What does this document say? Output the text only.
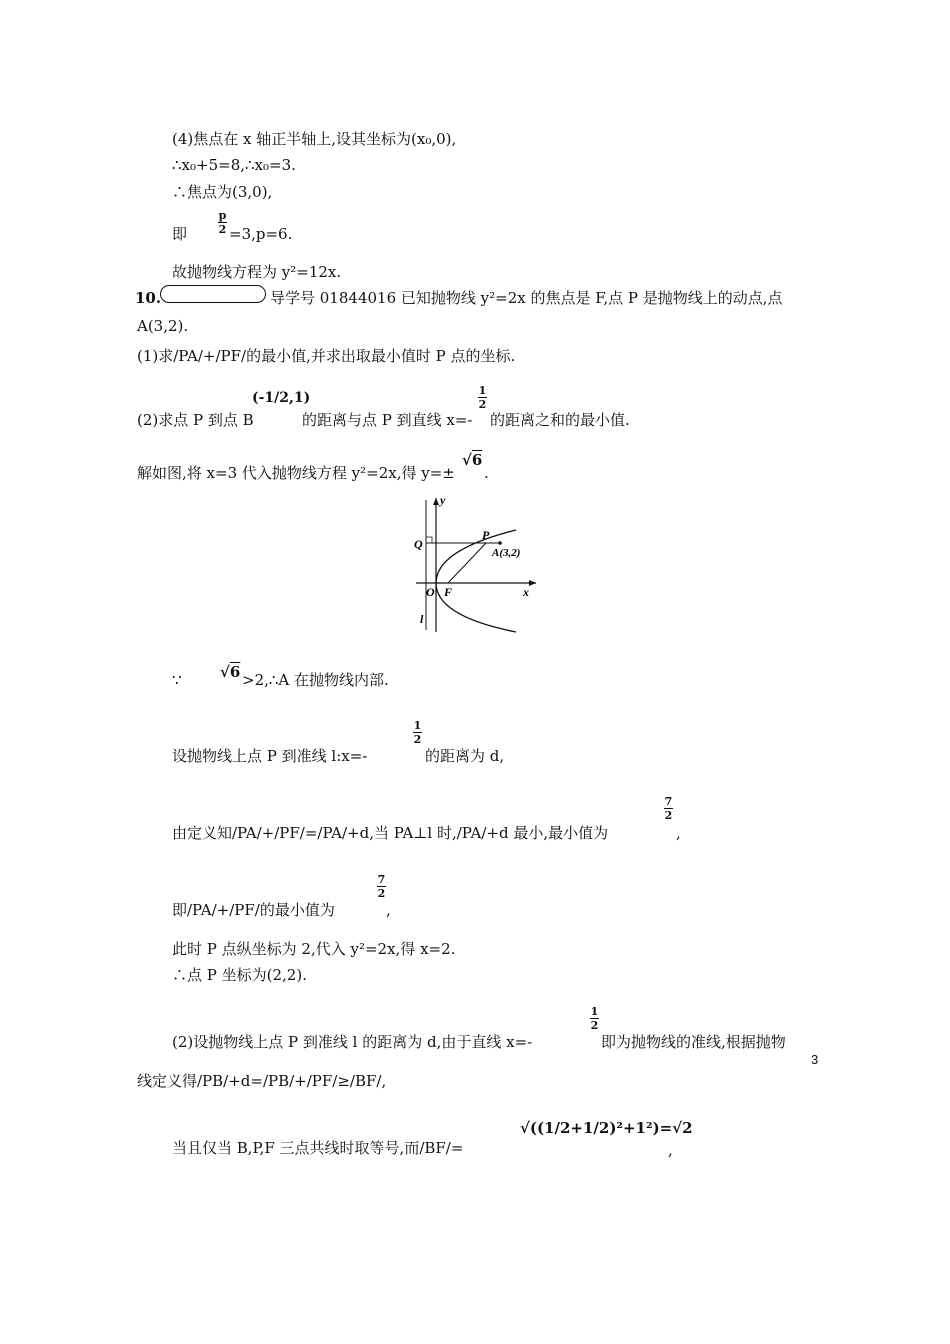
(4)焦点在 x 轴正半轴上,设其坐标为(x₀,0),
∴x₀+5=8,∴x₀=3.
∴焦点为(3,0),
即
p
2 =3,p=6.
故抛物线方程为 y²=12x.
10.	导学号 01844016 已知抛物线 y²=2x 的焦点是 F,点 P 是抛物线上的动点,点
A(3,2).
(1)求/PA/+/PF/的最小值,并求出取最小值时 P 点的坐标.
(2)求点 P 到点 B
(-1/2,1)
的距离与点 P 到直线 x=-
1
2
的距离之和的最小值.
解如图,将 x=3 代入抛物线方程 y²=2x,得 y=±
√6
.
y
x
Q
P
A(3,2)
O F
l
∵	√6 >2,∴A 在抛物线内部.
设抛物线上点 P 到准线 l:x=-
1
2
的距离为 d,
由定义知/PA/+/PF/=/PA/+d,当 PA⊥l 时,/PA/+d 最小,最小值为
7
2
,
即/PA/+/PF/的最小值为
7
2
,
此时 P 点纵坐标为 2,代入 y²=2x,得 x=2.
∴点 P 坐标为(2,2).
(2)设抛物线上点 P 到准线 l 的距离为 d,由于直线 x=-
1
2
即为抛物线的准线,根据抛物
线定义得/PB/+d=/PB/+/PF/≥/BF/,
当且仅当 B,P,F 三点共线时取等号,而/BF/=
√((1/2+1/2)²+1²)=√2
,
3
